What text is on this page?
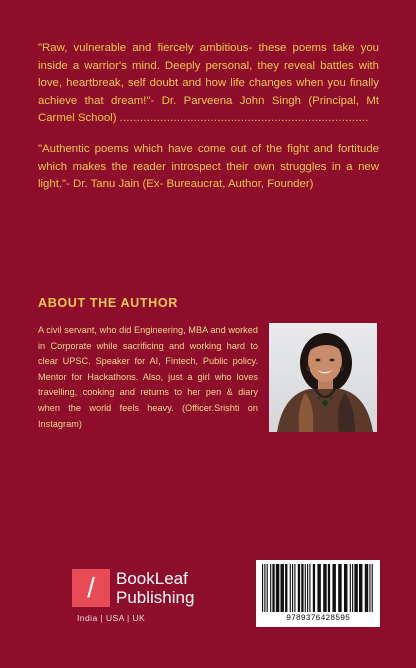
"Raw, vulnerable and fiercely ambitious- these poems take you inside a warrior's mind. Deeply personal, they reveal battles with love, heartbreak, self doubt and how life changes when you finally achieve that dream!"- Dr. Parveena John Singh (Principal, Mt Carmel School) ..........................................................................

"Authentic poems which have come out of the fight and fortitude which makes the reader introspect their own struggles in a new light."- Dr. Tanu Jain (Ex- Bureaucrat, Author, Founder)

ABOUT THE AUTHOR

A civil servant, who did Engineering, MBA and worked in Corporate while sacrificing and working hard to clear UPSC. Speaker for AI, Fintech, Public policy. Mentor for Hackathons. Also, just a girl who loves travelling, cooking and returns to her pen & diary when the world feels heavy. (Officer.Srishti on Instagram)

/	BookLeaf

Publishing

India | USA | UK	9789376428595
